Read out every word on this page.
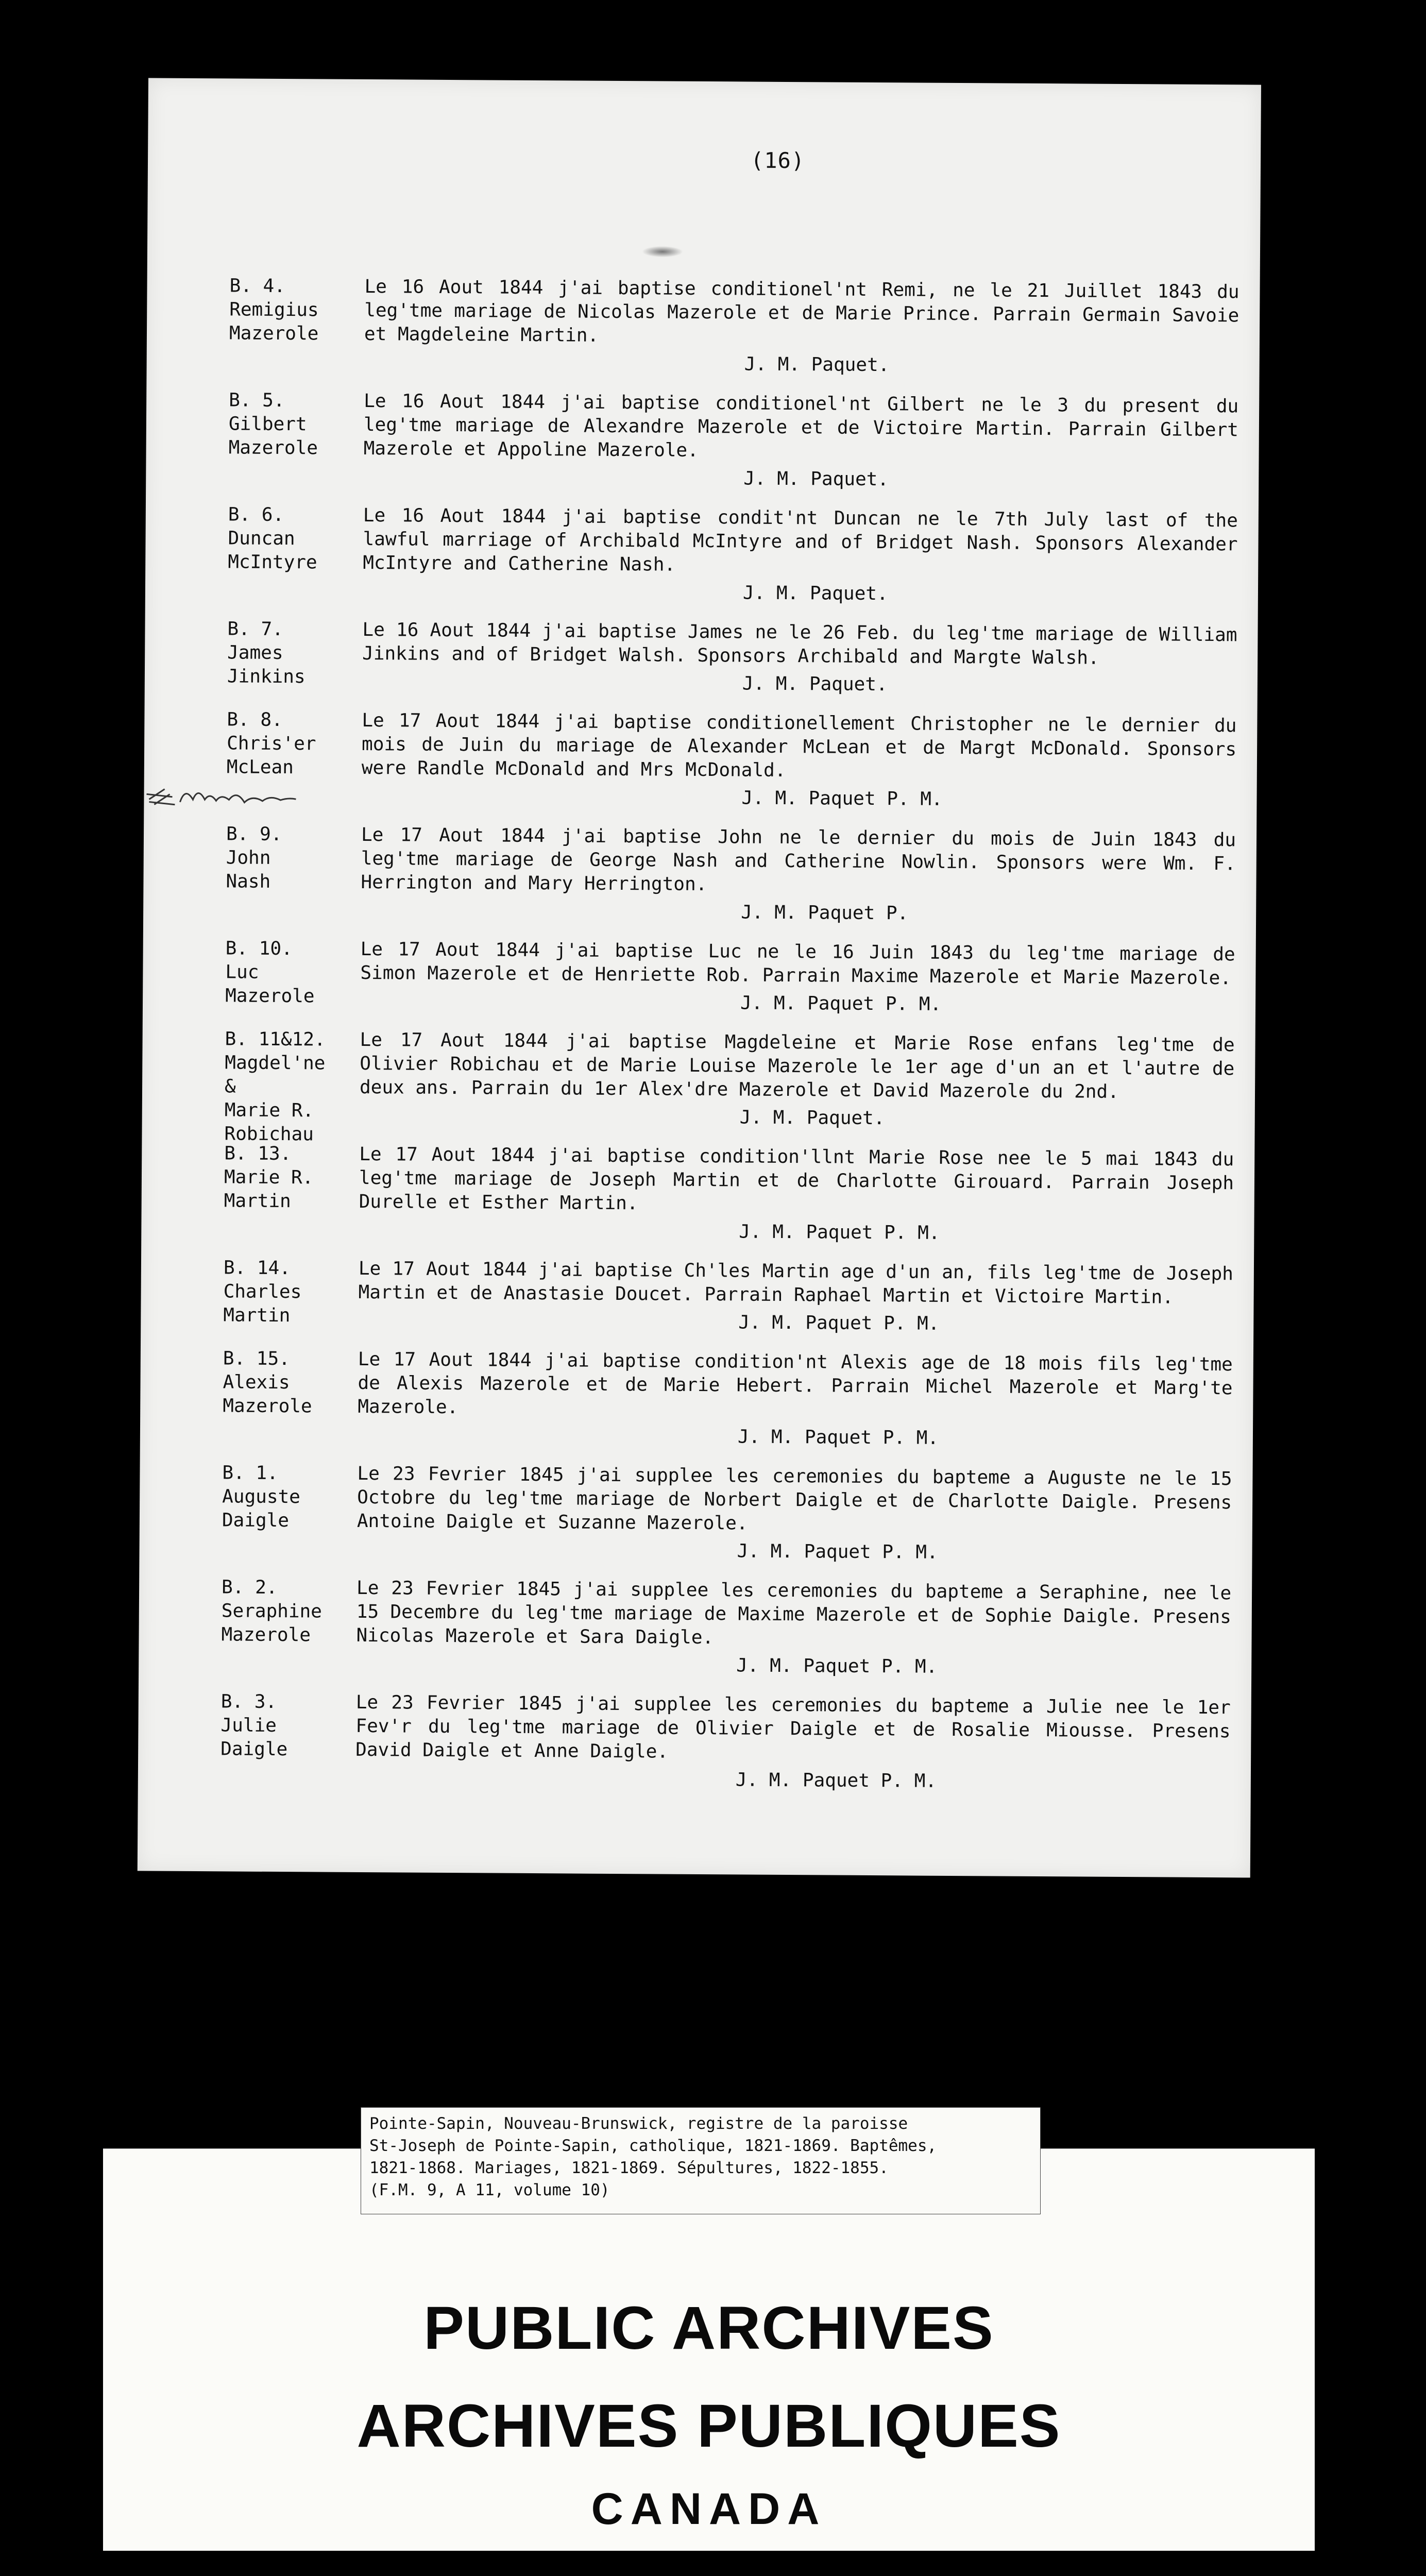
(16)
B. 4.
Remigius
Mazerole
Le 16 Aout 1844 j'ai baptise conditionel'nt Remi, ne le 21 Juillet 1843 du leg'tme mariage de Nicolas Mazerole et de Marie Prince. Parrain Germain Savoie et Magdeleine Martin.
J. M. Paquet.
B. 5.
Gilbert
Mazerole
Le 16 Aout 1844 j'ai baptise conditionel'nt Gilbert ne le 3 du present du leg'tme mariage de Alexandre Mazerole et de Victoire Martin. Parrain Gilbert Mazerole et Appoline Mazerole.
J. M. Paquet.
B. 6.
Duncan
McIntyre
Le 16 Aout 1844 j'ai baptise condit'nt Duncan ne le 7th July last of the lawful marriage of Archibald McIntyre and of Bridget Nash. Sponsors Alexander McIntyre and Catherine Nash.
J. M. Paquet.
B. 7.
James
Jinkins
Le 16 Aout 1844 j'ai baptise James ne le 26 Feb. du leg'tme mariage de William Jinkins and of Bridget Walsh. Sponsors Archibald and Margte Walsh.
J. M. Paquet.
B. 8.
Chris'er
McLean
Le 17 Aout 1844 j'ai baptise conditionellement Christopher ne le dernier du mois de Juin du mariage de Alexander McLean et de Margt McDonald. Sponsors were Randle McDonald and Mrs McDonald.
J. M. Paquet P. M.
B. 9.
John
Nash
Le 17 Aout 1844 j'ai baptise John ne le dernier du mois de Juin 1843 du leg'tme mariage de George Nash and Catherine Nowlin. Sponsors were Wm. F. Herrington and Mary Herrington.
J. M. Paquet P.
B. 10.
Luc
Mazerole
Le 17 Aout 1844 j'ai baptise Luc ne le 16 Juin 1843 du leg'tme mariage de Simon Mazerole et de Henriette Rob. Parrain Maxime Mazerole et Marie Mazerole.
J. M. Paquet P. M.
B. 11&12.
Magdel'ne
&
Marie R.
Robichau
Le 17 Aout 1844 j'ai baptise Magdeleine et Marie Rose enfans leg'tme de Olivier Robichau et de Marie Louise Mazerole le 1er age d'un an et l'autre de deux ans. Parrain du 1er Alex'dre Mazerole et David Mazerole du 2nd.
J. M. Paquet.
B. 13.
Marie R.
Martin
Le 17 Aout 1844 j'ai baptise condition'llnt Marie Rose nee le 5 mai 1843 du leg'tme mariage de Joseph Martin et de Charlotte Girouard. Parrain Joseph Durelle et Esther Martin.
J. M. Paquet P. M.
B. 14.
Charles
Martin
Le 17 Aout 1844 j'ai baptise Ch'les Martin age d'un an, fils leg'tme de Joseph Martin et de Anastasie Doucet. Parrain Raphael Martin et Victoire Martin.
J. M. Paquet P. M.
B. 15.
Alexis
Mazerole
Le 17 Aout 1844 j'ai baptise condition'nt Alexis age de 18 mois fils leg'tme de Alexis Mazerole et de Marie Hebert. Parrain Michel Mazerole et Marg'te Mazerole.
J. M. Paquet P. M.
B. 1.
Auguste
Daigle
Le 23 Fevrier 1845 j'ai supplee les ceremonies du bapteme a Auguste ne le 15 Octobre du leg'tme mariage de Norbert Daigle et de Charlotte Daigle. Presens Antoine Daigle et Suzanne Mazerole.
J. M. Paquet P. M.
B. 2.
Seraphine
Mazerole
Le 23 Fevrier 1845 j'ai supplee les ceremonies du bapteme a Seraphine, nee le 15 Decembre du leg'tme mariage de Maxime Mazerole et de Sophie Daigle. Presens Nicolas Mazerole et Sara Daigle.
J. M. Paquet P. M.
B. 3.
Julie
Daigle
Le 23 Fevrier 1845 j'ai supplee les ceremonies du bapteme a Julie nee le 1er Fev'r du leg'tme mariage de Olivier Daigle et de Rosalie Miousse. Presens David Daigle et Anne Daigle.
J. M. Paquet P. M.
PUBLIC ARCHIVES
ARCHIVES PUBLIQUES
CANADA
Pointe-Sapin, Nouveau-Brunswick, registre de la paroisse
St-Joseph de Pointe-Sapin, catholique, 1821-1869. Baptêmes,
1821-1868. Mariages, 1821-1869. Sépultures, 1822-1855.
(F.M. 9, A 11, volume 10)
